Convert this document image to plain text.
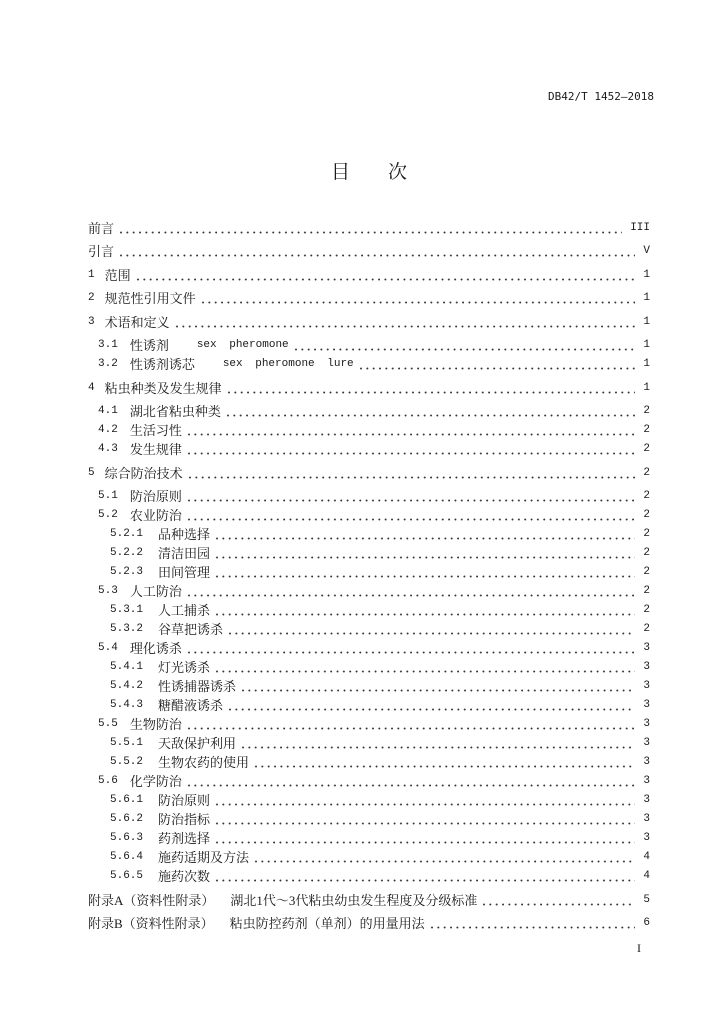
DB42/T 1452—2018
目　　次
前言	III
引言	V
1 范围	1
2 规范性引用文件	1
3 术语和定义	1
3.1 性诱剂	sex pheromone	1
3.2 性诱剂诱芯	sex pheromone lure	1
4 粘虫种类及发生规律	1
4.1 湖北省粘虫种类	2
4.2 生活习性	2
4.3 发生规律	2
5 综合防治技术	2
5.1 防治原则	2
5.2 农业防治	2
5.2.1 品种选择	2
5.2.2 清洁田园	2
5.2.3 田间管理	2
5.3 人工防治	2
5.3.1 人工捕杀	2
5.3.2 谷草把诱杀	2
5.4 理化诱杀	3
5.4.1 灯光诱杀	3
5.4.2 性诱捕器诱杀	3
5.4.3 糖醋液诱杀	3
5.5 生物防治	3
5.5.1 天敌保护利用	3
5.5.2 生物农药的使用	3
5.6 化学防治	3
5.6.1 防治原则	3
5.6.2 防治指标	3
5.6.3 药剂选择	3
5.6.4 施药适期及方法	4
5.6.5 施药次数	4
附录A（资料性附录） 湖北1代～3代粘虫幼虫发生程度及分级标准	5
附录B（资料性附录） 粘虫防控药剂（单剂）的用量用法	6
I
